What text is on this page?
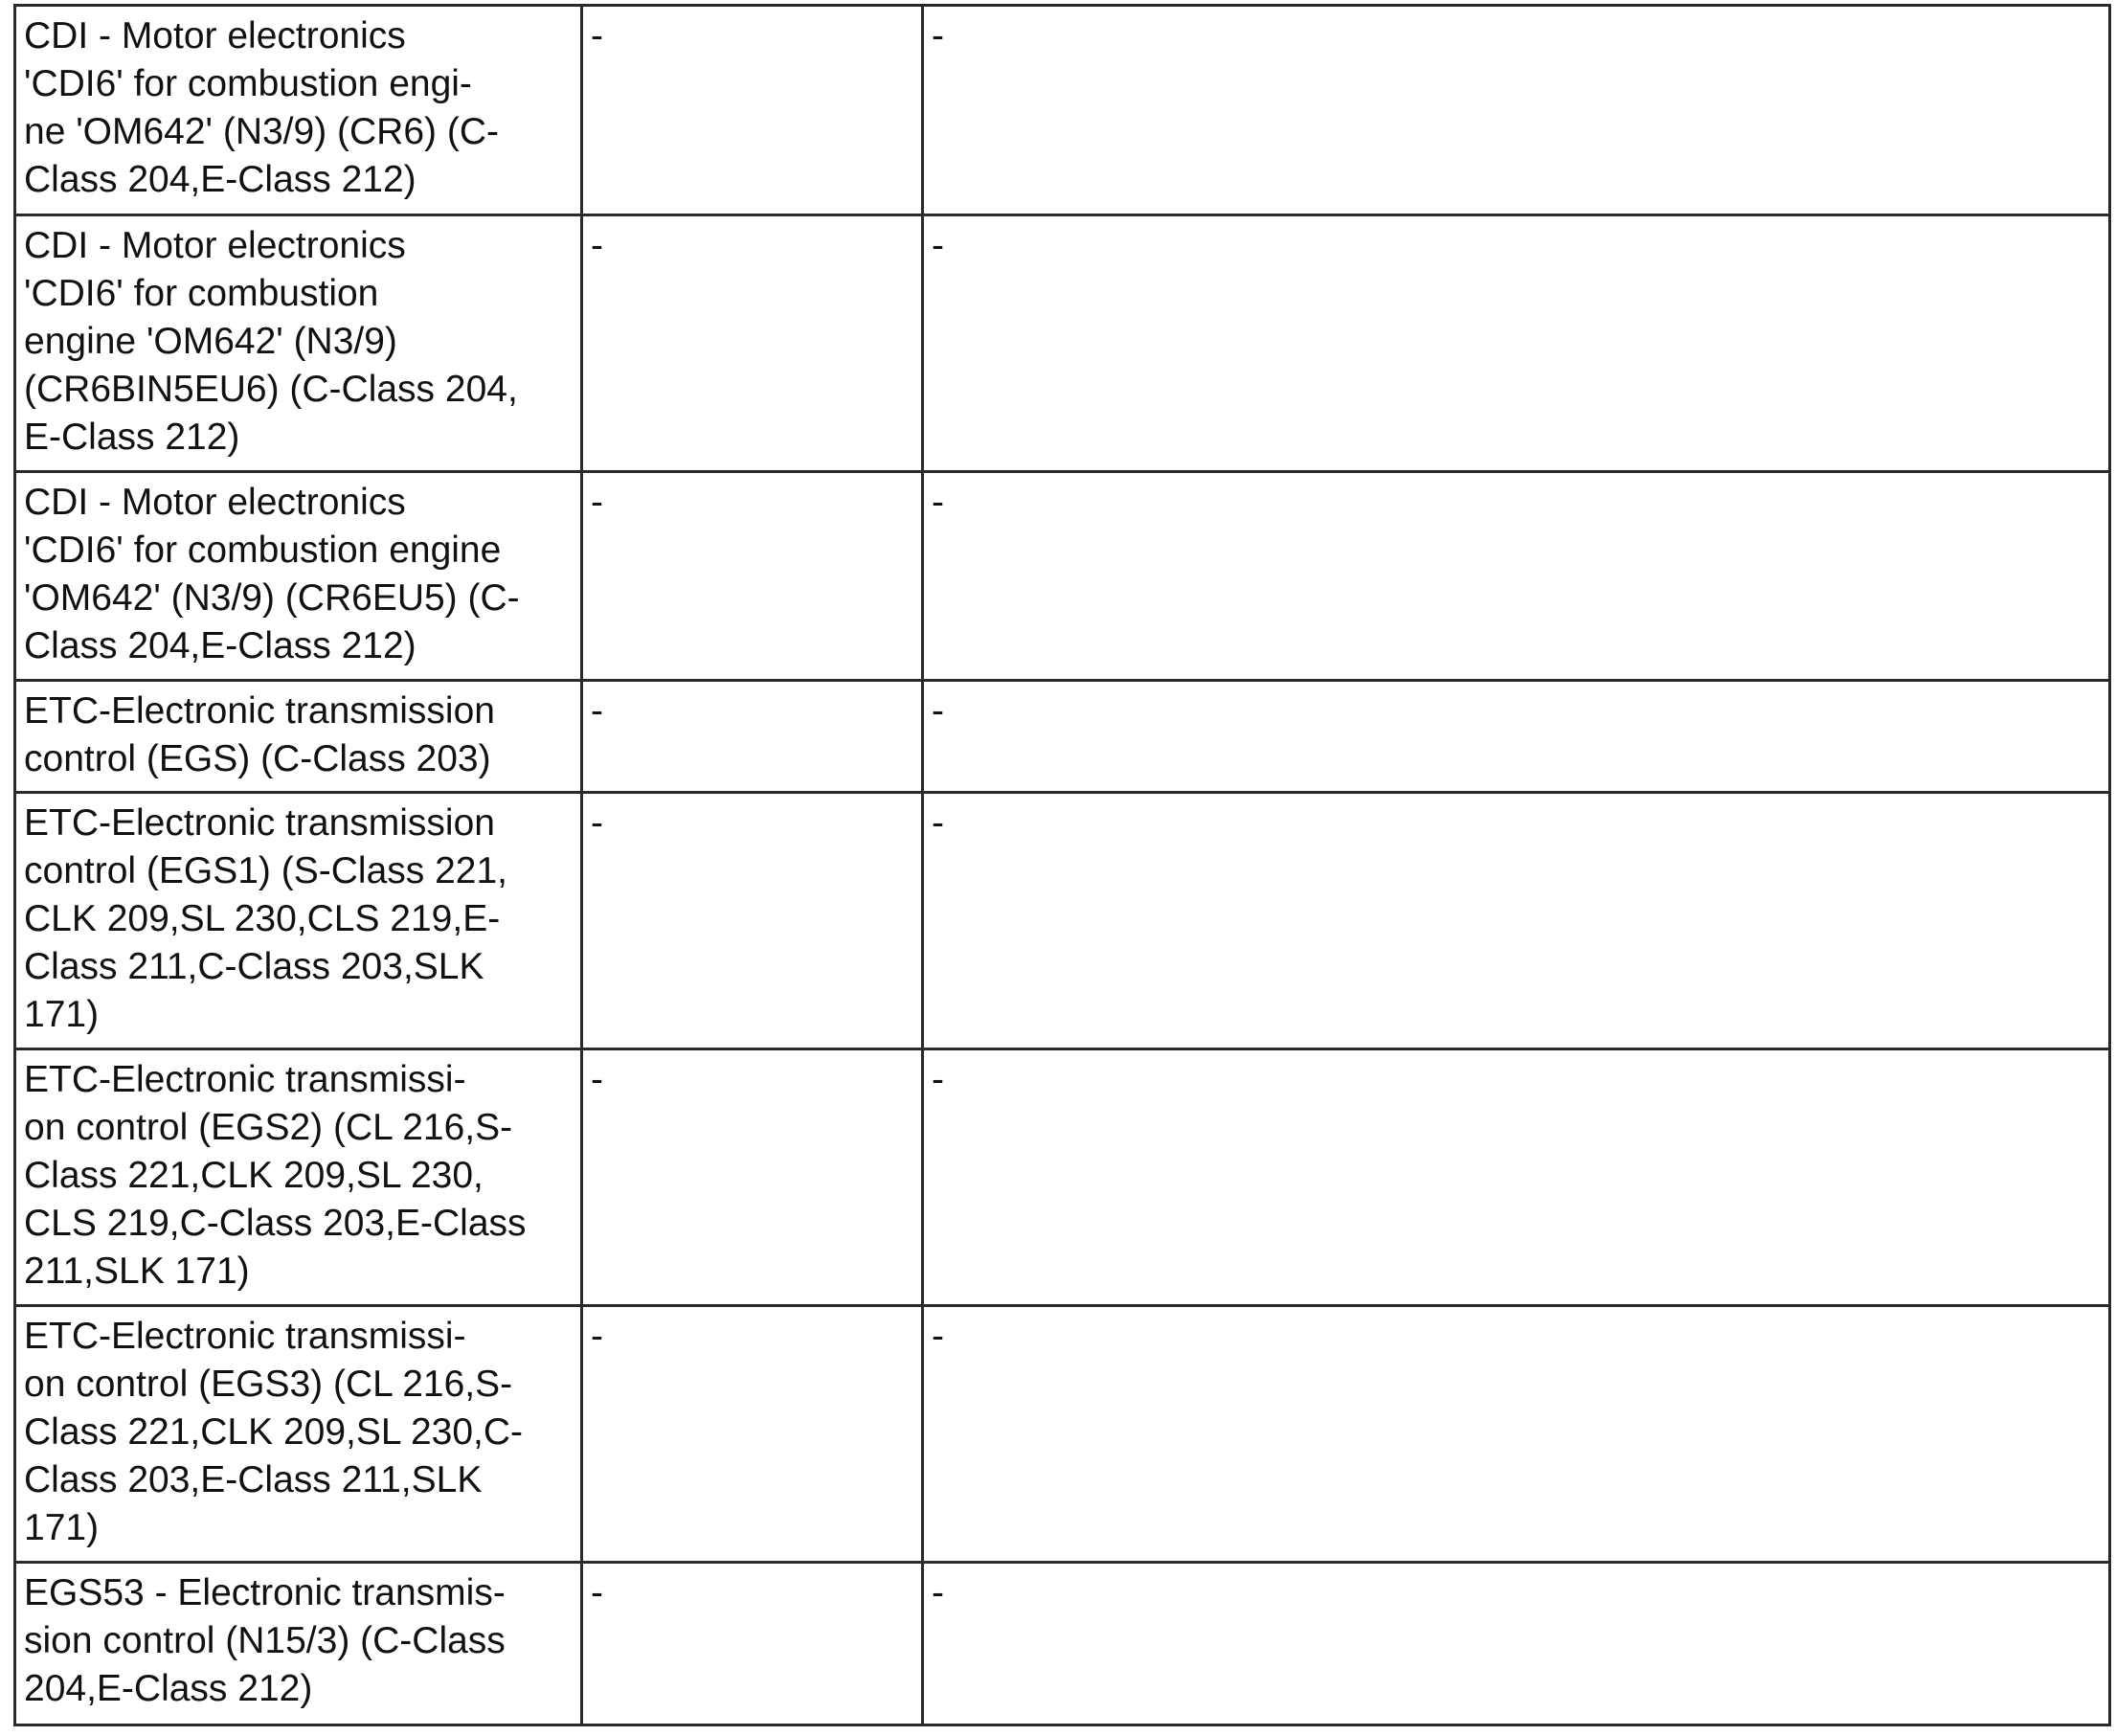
CDI - Motor electronics
'CDI6' for combustion engi-
ne 'OM642' (N3/9) (CR6) (C-
Class 204,E-Class 212)	-	-

CDI - Motor electronics
'CDI6' for combustion
engine 'OM642' (N3/9)
(CR6BIN5EU6) (C-Class 204,
E-Class 212)	-	-

CDI - Motor electronics
'CDI6' for combustion engine
'OM642' (N3/9) (CR6EU5) (C-
Class 204,E-Class 212)	-	-

ETC-Electronic transmission
control (EGS) (C-Class 203)	-	-

ETC-Electronic transmission
control (EGS1) (S-Class 221,
CLK 209,SL 230,CLS 219,E-
Class 211,C-Class 203,SLK
171)	-	-

ETC-Electronic transmissi-
on control (EGS2) (CL 216,S-
Class 221,CLK 209,SL 230,
CLS 219,C-Class 203,E-Class
211,SLK 171)	-	-

ETC-Electronic transmissi-
on control (EGS3) (CL 216,S-
Class 221,CLK 209,SL 230,C-
Class 203,E-Class 211,SLK
171)	-	-

EGS53 - Electronic transmis-
sion control (N15/3) (C-Class
204,E-Class 212)	-	-
